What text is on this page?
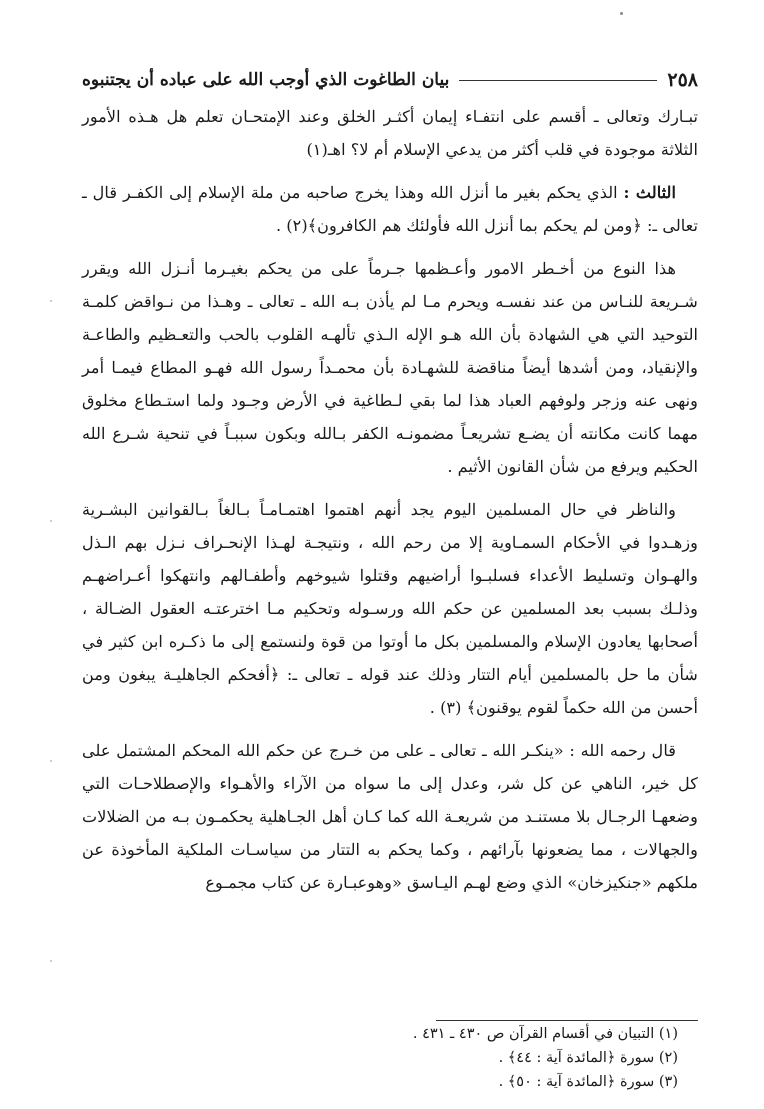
٢٥٨
بيان الطاغوت الذي أوجب الله على عباده أن يجتنبوه

تبـارك وتعالى ـ أقسم على انتفـاء إيمان أكثـر الخلق وعند الإمتحـان تعلم هل هـذه الأمور الثلاثة موجودة في قلب أكثر من يدعي الإسلام أم لا؟ اهـ(١)

الثالث : الذي يحكم بغير ما أنزل الله وهذا يخرج صاحبه من ملة الإسلام إلى الكفـر قال ـ تعالى ـ: ﴿ومن لم يحكم بما أنزل الله فأولئك هم الكافرون﴾(٢) .

هذا النوع من أخـطر الامور وأعـظمها جـرماً على من يحكم بغيـرما أنـزل الله ويقرر شـريعة للنـاس من عند نفسـه ويحرم مـا لم يأذن بـه الله ـ تعالى ـ وهـذا من نـواقض كلمـة التوحيد التي هي الشهادة بأن الله هـو الإله الـذي تألهـه القلوب بالحب والتعـظيم والطاعـة والإنقياد، ومن أشدها أيضاً مناقضة للشهـادة بأن محمـداً رسول الله فهـو المطاع فيمـا أمر ونهى عنه وزجر ولوفهم العباد هذا لما بقي لـطاغية في الأرض وجـود ولما استـطاع مخلوق مهما كانت مكانته أن يضـع تشريعـاً مضمونـه الكفر بـالله وبكون سببـاً في تنحية شـرع الله الحكيم ويرفع من شأن القانون الأثيم .

والناظر في حال المسلمين اليوم يجد أنهم اهتموا اهتمـامـاً بـالغاً بـالقوانين البشـرية وزهـدوا في الأحكام السمـاوية إلا من رحم الله ، ونتيجـة لهـذا الإنحـراف نـزل بهم الـذل والهـوان وتسليط الأعداء فسلبـوا أراضيهم وقتلوا شيوخهم وأطفـالهم وانتهكوا أعـراضهـم وذلـك بسبب بعد المسلمين عن حكم الله ورسـوله وتحكيم مـا اخترعتـه العقول الضـالة ، أصحابها يعادون الإسلام والمسلمين بكل ما أوتوا من قوة ولنستمع إلى ما ذكـره ابن كثير في شأن ما حل بالمسلمين أيام التتار وذلك عند قوله ـ تعالى ـ: ﴿أفحكم الجاهليـة يبغون ومن أحسن من الله حكماً لقوم يوقنون﴾ (٣) .

قال رحمه الله : «ينكـر الله ـ تعالى ـ على من خـرج عن حكم الله المحكم المشتمل على كل خير، الناهي عن كل شر، وعدل إلى ما سواه من الآراء والأهـواء والإصطلاحـات التي وضعهـا الرجـال بلا مستنـد من شريعـة الله كما كـان أهل الجـاهلية يحكمـون بـه من الضلالات والجهالات ، مما يضعونها بآرائهم ، وكما يحكم به التتار من سياسـات الملكية المأخوذة عن ملكهم «جنكيزخان» الذي وضع لهـم اليـاسق «وهوعبـارة عن كتاب مجمـوع

(١) التبيان في أقسام القرآن ص ٤٣٠ ـ ٤٣١ .
(٢) سورة ﴿المائدة آية : ٤٤﴾ .
(٣) سورة ﴿المائدة آية : ٥٠﴾ .
